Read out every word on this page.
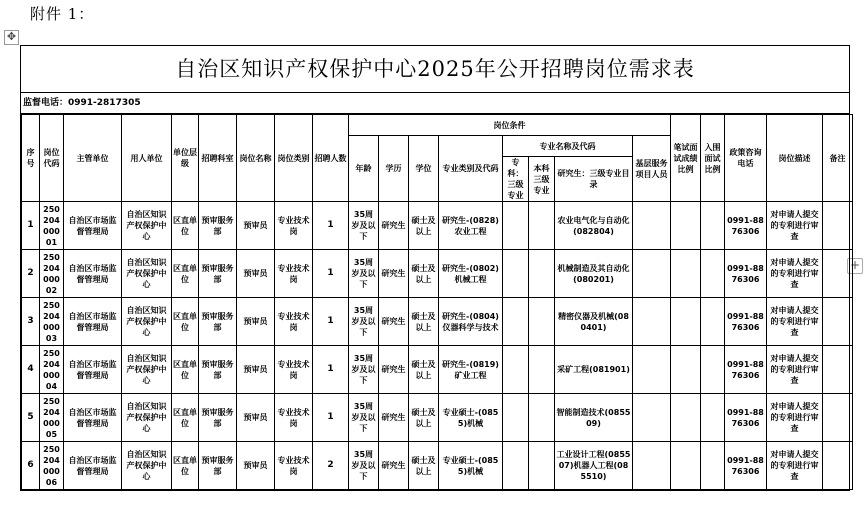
附件 1：
✥
+
自治区知识产权保护中心2025年公开招聘岗位需求表
监督电话：0991-2817305
序号	岗位代码	主管单位	用人单位	单位层级	招聘科室	岗位名称	岗位类别	招聘人数	岗位条件								笔试面试成绩比例	入围面试比例	政策咨询电话	岗位描述	备注
									年龄	学历	学位	专业类别及代码	专业名称及代码			基层服务项目人员					
													专科：三级专业	本科三级专业	研究生：三级专业目录						
1	25020400001	自治区市场监督管理局	自治区知识产权保护中心	区直单位	预审服务部	预审员	专业技术岗	1	35周岁及以下	研究生	硕士及以上	研究生-(0828)农业工程			农业电气化与自动化(082804)				0991-8876306	对申请人提交的专利进行审查	
2	25020400002	自治区市场监督管理局	自治区知识产权保护中心	区直单位	预审服务部	预审员	专业技术岗	1	35周岁及以下	研究生	硕士及以上	研究生-(0802)机械工程			机械制造及其自动化(080201)				0991-8876306	对申请人提交的专利进行审查	
3	25020400003	自治区市场监督管理局	自治区知识产权保护中心	区直单位	预审服务部	预审员	专业技术岗	1	35周岁及以下	研究生	硕士及以上	研究生-(0804)仪器科学与技术			精密仪器及机械(080401)				0991-8876306	对申请人提交的专利进行审查	
4	25020400004	自治区市场监督管理局	自治区知识产权保护中心	区直单位	预审服务部	预审员	专业技术岗	1	35周岁及以下	研究生	硕士及以上	研究生-(0819)矿业工程			采矿工程(081901)				0991-8876306	对申请人提交的专利进行审查	
5	25020400005	自治区市场监督管理局	自治区知识产权保护中心	区直单位	预审服务部	预审员	专业技术岗	1	35周岁及以下	研究生	硕士及以上	专业硕士-(0855)机械			智能制造技术(085509)				0991-8876306	对申请人提交的专利进行审查	
6	25020400006	自治区市场监督管理局	自治区知识产权保护中心	区直单位	预审服务部	预审员	专业技术岗	2	35周岁及以下	研究生	硕士及以上	专业硕士-(0855)机械			工业设计工程(085507)机器人工程(085510)				0991-8876306	对申请人提交的专利进行审查	
